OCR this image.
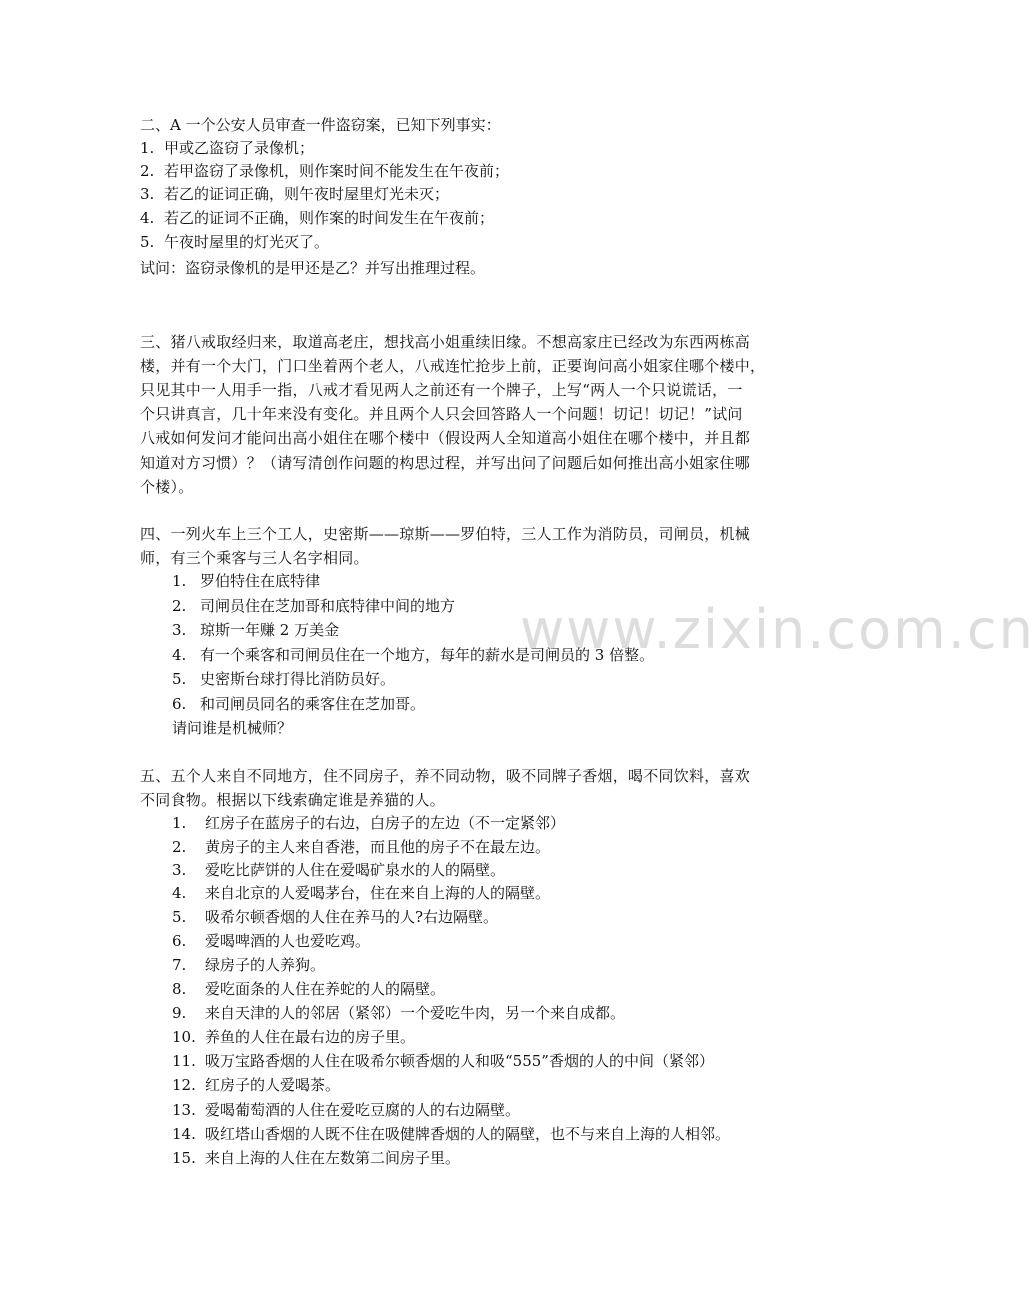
www.zixin.com.cn
二、A 一个公安人员审查一件盗窃案，已知下列事实：
1. 甲或乙盗窃了录像机；
2. 若甲盗窃了录像机，则作案时间不能发生在午夜前；
3. 若乙的证词正确，则午夜时屋里灯光未灭；
4. 若乙的证词不正确，则作案的时间发生在午夜前；
5. 午夜时屋里的灯光灭了。
试问：盗窃录像机的是甲还是乙？并写出推理过程。
三、猪八戒取经归来，取道高老庄，想找高小姐重续旧缘。不想高家庄已经改为东西两栋高
楼，并有一个大门，门口坐着两个老人，八戒连忙抢步上前，正要询问高小姐家住哪个楼中，
只见其中一人用手一指，八戒才看见两人之前还有一个牌子，上写“两人一个只说谎话，一
个只讲真言，几十年来没有变化。并且两个人只会回答路人一个问题！切记！切记！”试问
八戒如何发问才能问出高小姐住在哪个楼中（假设两人全知道高小姐住在哪个楼中，并且都
知道对方习惯）？（请写清创作问题的构思过程，并写出问了问题后如何推出高小姐家住哪
个楼）。
四、一列火车上三个工人，史密斯——琼斯——罗伯特，三人工作为消防员，司闸员，机械
师，有三个乘客与三人名字相同。
1. 罗伯特住在底特律
2. 司闸员住在芝加哥和底特律中间的地方
3. 琼斯一年赚 2 万美金
4. 有一个乘客和司闸员住在一个地方，每年的薪水是司闸员的 3 倍整。
5. 史密斯台球打得比消防员好。
6. 和司闸员同名的乘客住在芝加哥。
请问谁是机械师？
五、五个人来自不同地方，住不同房子，养不同动物，吸不同牌子香烟，喝不同饮料，喜欢
不同食物。根据以下线索确定谁是养猫的人。
1. 红房子在蓝房子的右边，白房子的左边（不一定紧邻）
2. 黄房子的主人来自香港，而且他的房子不在最左边。
3. 爱吃比萨饼的人住在爱喝矿泉水的人的隔壁。
4. 来自北京的人爱喝茅台，住在来自上海的人的隔壁。
5. 吸希尔顿香烟的人住在养马的人?右边隔壁。
6. 爱喝啤酒的人也爱吃鸡。
7. 绿房子的人养狗。
8. 爱吃面条的人住在养蛇的人的隔壁。
9. 来自天津的人的邻居（紧邻）一个爱吃牛肉，另一个来自成都。
10. 养鱼的人住在最右边的房子里。
11. 吸万宝路香烟的人住在吸希尔顿香烟的人和吸“555”香烟的人的中间（紧邻）
12. 红房子的人爱喝茶。
13. 爱喝葡萄酒的人住在爱吃豆腐的人的右边隔壁。
14. 吸红塔山香烟的人既不住在吸健牌香烟的人的隔壁，也不与来自上海的人相邻。
15. 来自上海的人住在左数第二间房子里。
